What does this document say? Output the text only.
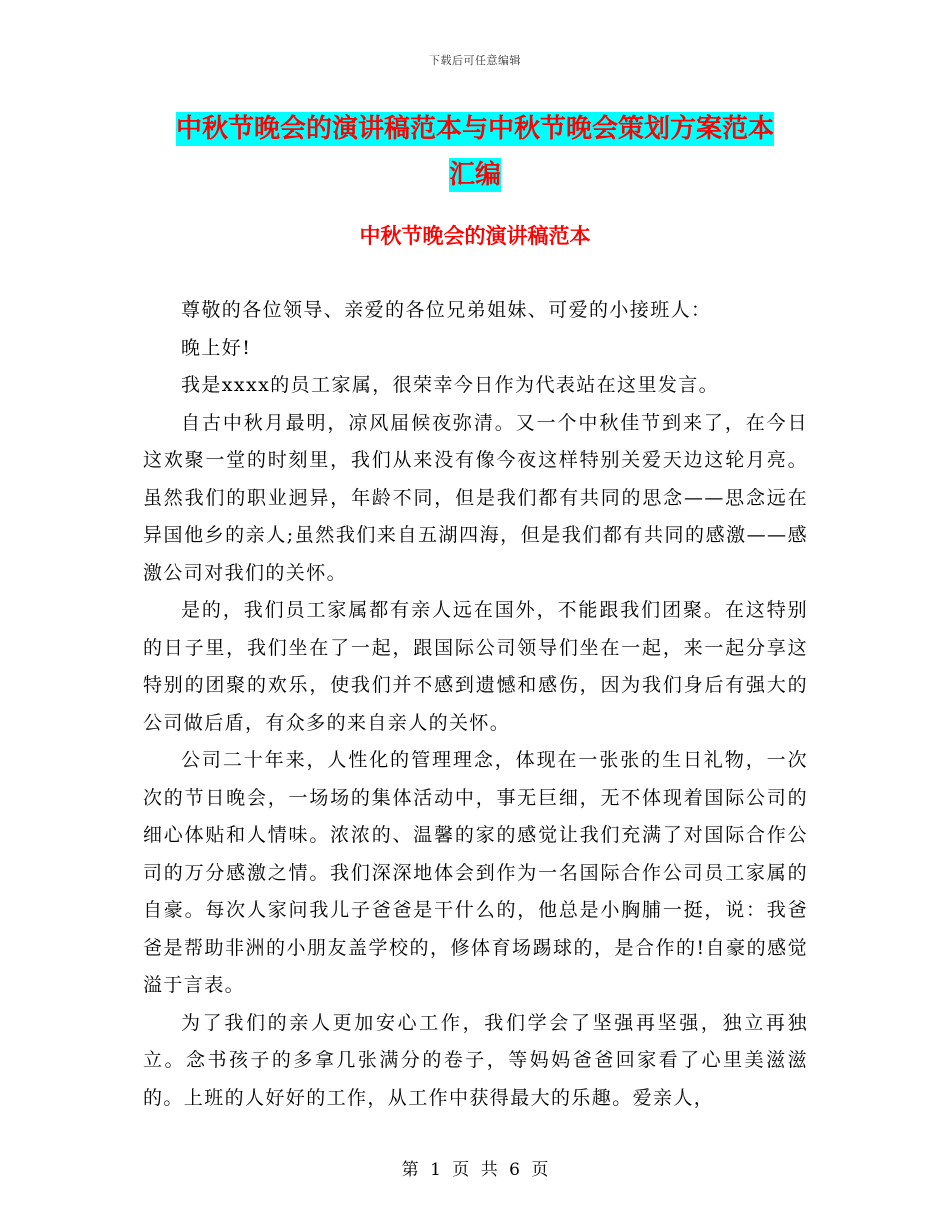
下载后可任意编辑
中秋节晚会的演讲稿范本与中秋节晚会策划方案范本
汇编
中秋节晚会的演讲稿范本

尊敬的各位领导、亲爱的各位兄弟姐妹、可爱的小接班人：

晚上好!

我是xxxx的员工家属，很荣幸今日作为代表站在这里发言。

自古中秋月最明，凉风届候夜弥清。又一个中秋佳节到来了，在今日这欢聚一堂的时刻里，我们从来没有像今夜这样特别关爱天边这轮月亮。虽然我们的职业迥异，年龄不同，但是我们都有共同的思念——思念远在异国他乡的亲人;虽然我们来自五湖四海，但是我们都有共同的感激——感激公司对我们的关怀。

是的，我们员工家属都有亲人远在国外，不能跟我们团聚。在这特别的日子里，我们坐在了一起，跟国际公司领导们坐在一起，来一起分享这特别的团聚的欢乐，使我们并不感到遗憾和感伤，因为我们身后有强大的公司做后盾，有众多的来自亲人的关怀。

公司二十年来，人性化的管理理念，体现在一张张的生日礼物，一次次的节日晚会，一场场的集体活动中，事无巨细，无不体现着国际公司的细心体贴和人情味。浓浓的、温馨的家的感觉让我们充满了对国际合作公司的万分感激之情。我们深深地体会到作为一名国际合作公司员工家属的自豪。每次人家问我儿子爸爸是干什么的，他总是小胸脯一挺，说：我爸爸是帮助非洲的小朋友盖学校的，修体育场踢球的，是合作的!自豪的感觉溢于言表。

为了我们的亲人更加安心工作，我们学会了坚强再坚强，独立再独立。念书孩子的多拿几张满分的卷子，等妈妈爸爸回家看了心里美滋滋的。上班的人好好的工作，从工作中获得最大的乐趣。爱亲人，

第 1 页 共 6 页
